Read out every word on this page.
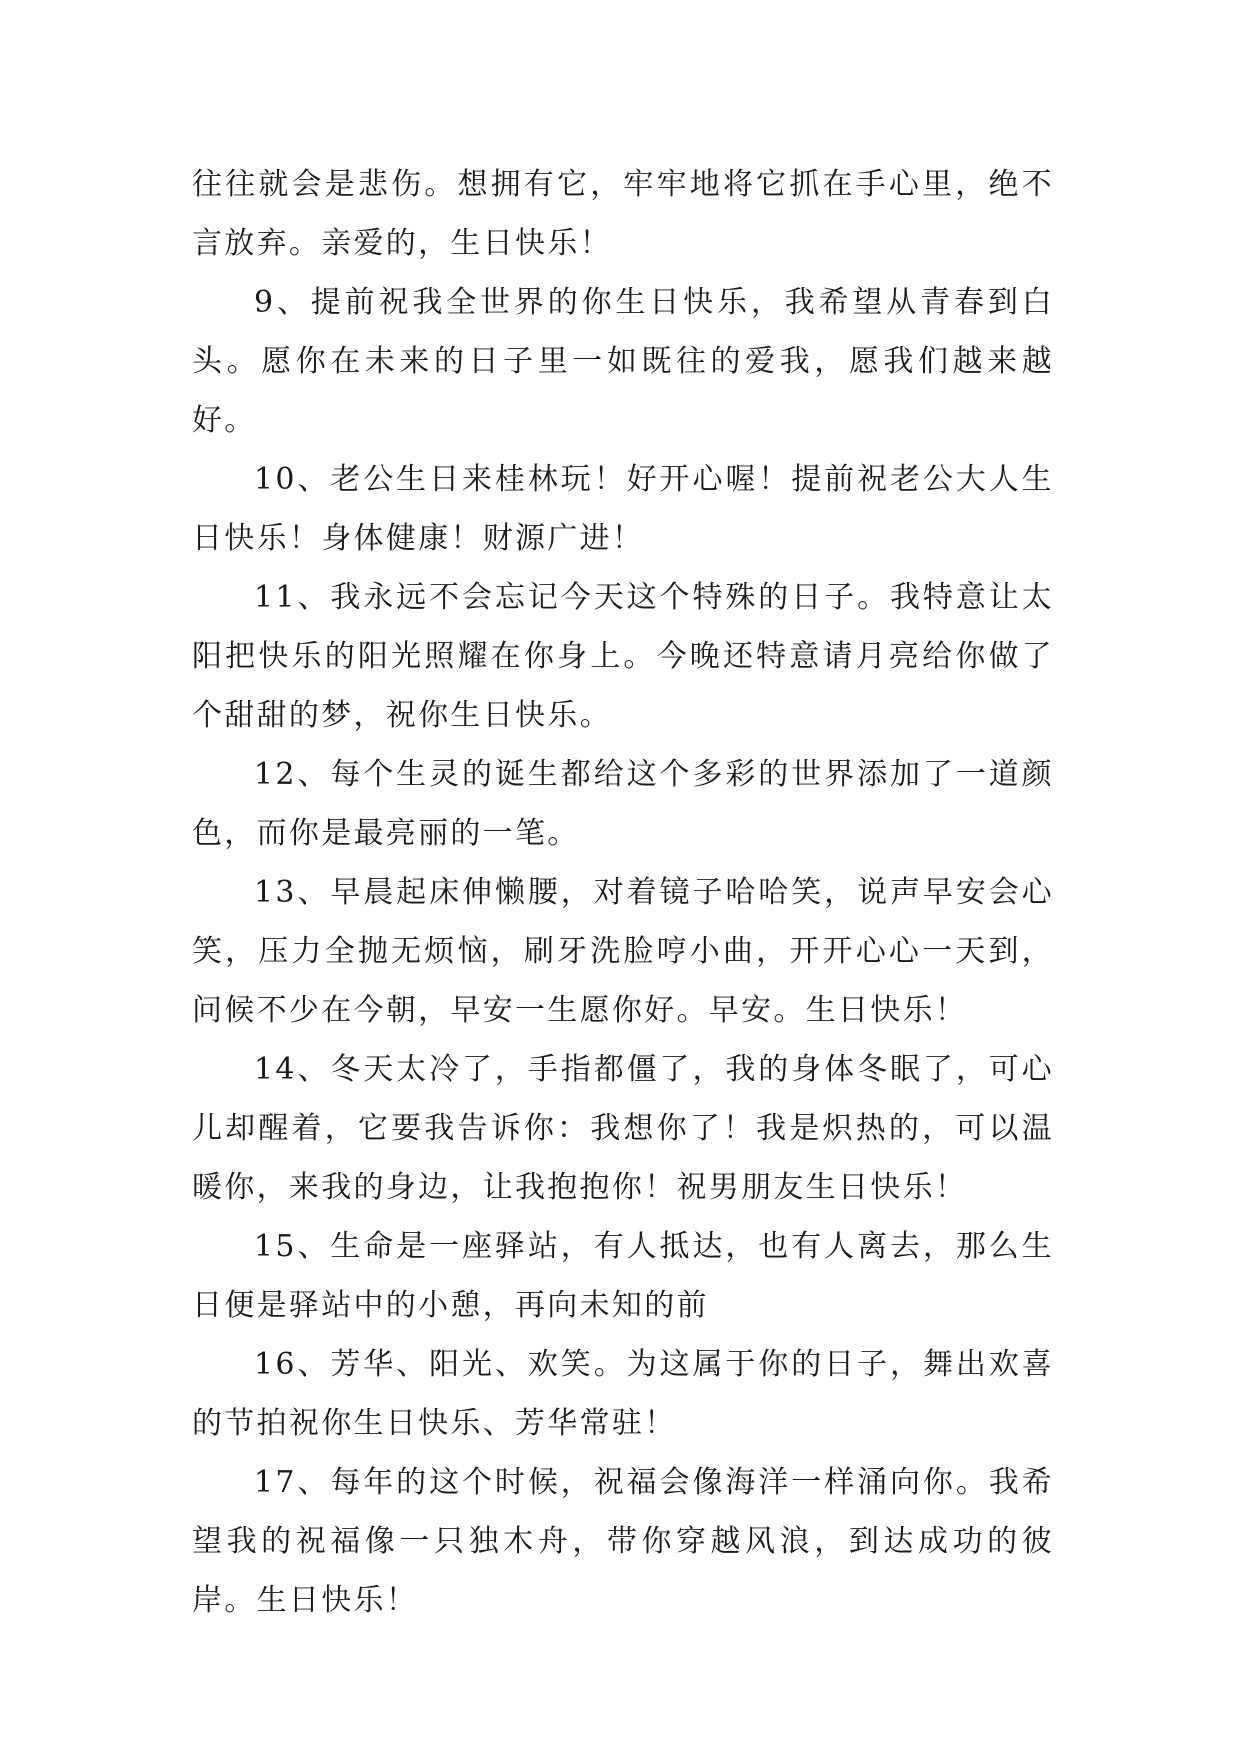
往往就会是悲伤。想拥有它，牢牢地将它抓在手心里，绝不言放弃。亲爱的，生日快乐！

9、提前祝我全世界的你生日快乐，我希望从青春到白头。愿你在未来的日子里一如既往的爱我，愿我们越来越好。

10、老公生日来桂林玩！好开心喔！提前祝老公大人生日快乐！身体健康！财源广进！

11、我永远不会忘记今天这个特殊的日子。我特意让太阳把快乐的阳光照耀在你身上。今晚还特意请月亮给你做了个甜甜的梦，祝你生日快乐。

12、每个生灵的诞生都给这个多彩的世界添加了一道颜色，而你是最亮丽的一笔。

13、早晨起床伸懒腰，对着镜子哈哈笑，说声早安会心笑，压力全抛无烦恼，刷牙洗脸哼小曲，开开心心一天到，问候不少在今朝，早安一生愿你好。早安。生日快乐！

14、冬天太冷了，手指都僵了，我的身体冬眠了，可心儿却醒着，它要我告诉你：我想你了！我是炽热的，可以温暖你，来我的身边，让我抱抱你！祝男朋友生日快乐！

15、生命是一座驿站，有人抵达，也有人离去，那么生日便是驿站中的小憩，再向未知的前

16、芳华、阳光、欢笑。为这属于你的日子，舞出欢喜的节拍祝你生日快乐、芳华常驻！

17、每年的这个时候，祝福会像海洋一样涌向你。我希望我的祝福像一只独木舟，带你穿越风浪，到达成功的彼岸。生日快乐！
